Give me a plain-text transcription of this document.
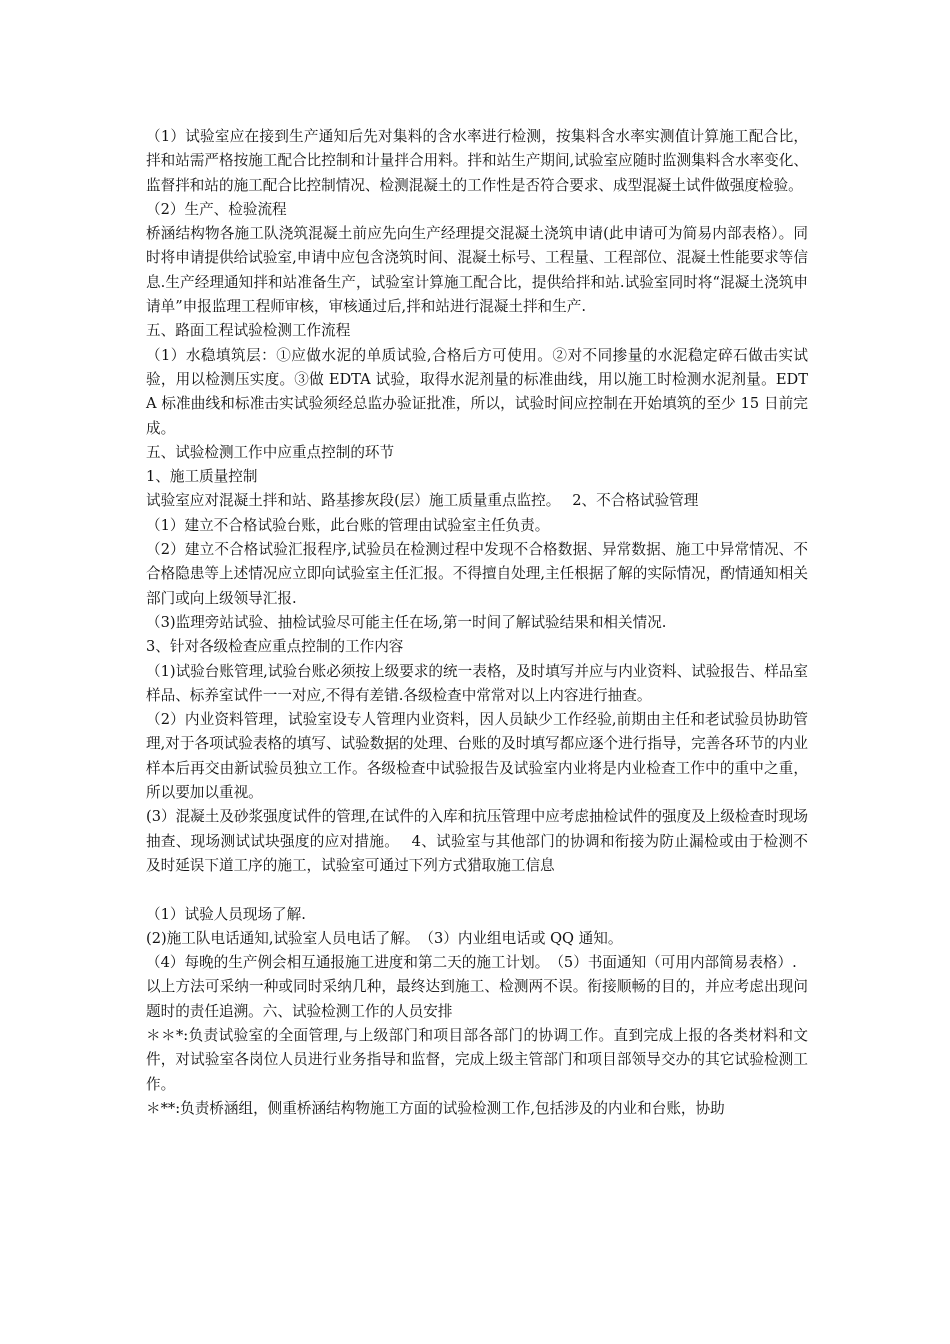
（1）试验室应在接到生产通知后先对集料的含水率进行检测，按集料含水率实测值计算施工配合比，拌和站需严格按施工配合比控制和计量拌合用料。拌和站生产期间,试验室应随时监测集料含水率变化、监督拌和站的施工配合比控制情况、检测混凝土的工作性是否符合要求、成型混凝土试件做强度检验。

（2）生产、检验流程

桥涵结构物各施工队浇筑混凝土前应先向生产经理提交混凝土浇筑申请(此申请可为简易内部表格）。同时将申请提供给试验室,申请中应包含浇筑时间、混凝土标号、工程量、工程部位、混凝土性能要求等信息.生产经理通知拌和站准备生产，试验室计算施工配合比，提供给拌和站.试验室同时将“混凝土浇筑申请单”申报监理工程师审核，审核通过后,拌和站进行混凝土拌和生产.

五、路面工程试验检测工作流程

（1）水稳填筑层：①应做水泥的单质试验,合格后方可使用。②对不同掺量的水泥稳定碎石做击实试验，用以检测压实度。③做 EDTA 试验，取得水泥剂量的标准曲线，用以施工时检测水泥剂量。EDTA 标准曲线和标准击实试验须经总监办验证批准，所以，试验时间应控制在开始填筑的至少 15 日前完成。

五、试验检测工作中应重点控制的环节

1、施工质量控制

试验室应对混凝土拌和站、路基掺灰段(层）施工质量重点监控。　 2、不合格试验管理

（1）建立不合格试验台账，此台账的管理由试验室主任负责。

（2）建立不合格试验汇报程序,试验员在检测过程中发现不合格数据、异常数据、施工中异常情况、不合格隐患等上述情况应立即向试验室主任汇报。不得擅自处理,主任根据了解的实际情况，酌情通知相关部门或向上级领导汇报.

（3)监理旁站试验、抽检试验尽可能主任在场,第一时间了解试验结果和相关情况.

3、针对各级检查应重点控制的工作内容

（1)试验台账管理,试验台账必须按上级要求的统一表格，及时填写并应与内业资料、试验报告、样品室样品、标养室试件一一对应,不得有差错.各级检查中常常对以上内容进行抽查。

（2）内业资料管理，试验室设专人管理内业资料，因人员缺少工作经验,前期由主任和老试验员协助管理,对于各项试验表格的填写、试验数据的处理、台账的及时填写都应逐个进行指导，完善各环节的内业样本后再交由新试验员独立工作。各级检查中试验报告及试验室内业将是内业检查工作中的重中之重，所以要加以重视。

(3）混凝土及砂浆强度试件的管理,在试件的入库和抗压管理中应考虑抽检试件的强度及上级检查时现场抽查、现场测试试块强度的应对措施。　 4、试验室与其他部门的协调和衔接为防止漏检或由于检测不及时延误下道工序的施工，试验室可通过下列方式猎取施工信息

（1）试验人员现场了解.

(2)施工队电话通知,试验室人员电话了解。　（3）内业组电话或 QQ 通知。

（4）每晚的生产例会相互通报施工进度和第二天的施工计划。　（5）书面通知（可用内部简易表格）.

以上方法可采纳一种或同时采纳几种，最终达到施工、检测两不误。衔接顺畅的目的，并应考虑出现问题时的责任追溯。六、试验检测工作的人员安排

＊＊*:负责试验室的全面管理,与上级部门和项目部各部门的协调工作。直到完成上报的各类材料和文件，对试验室各岗位人员进行业务指导和监督，完成上级主管部门和项目部领导交办的其它试验检测工作。

＊**:负责桥涵组，侧重桥涵结构物施工方面的试验检测工作,包括涉及的内业和台账，协助
